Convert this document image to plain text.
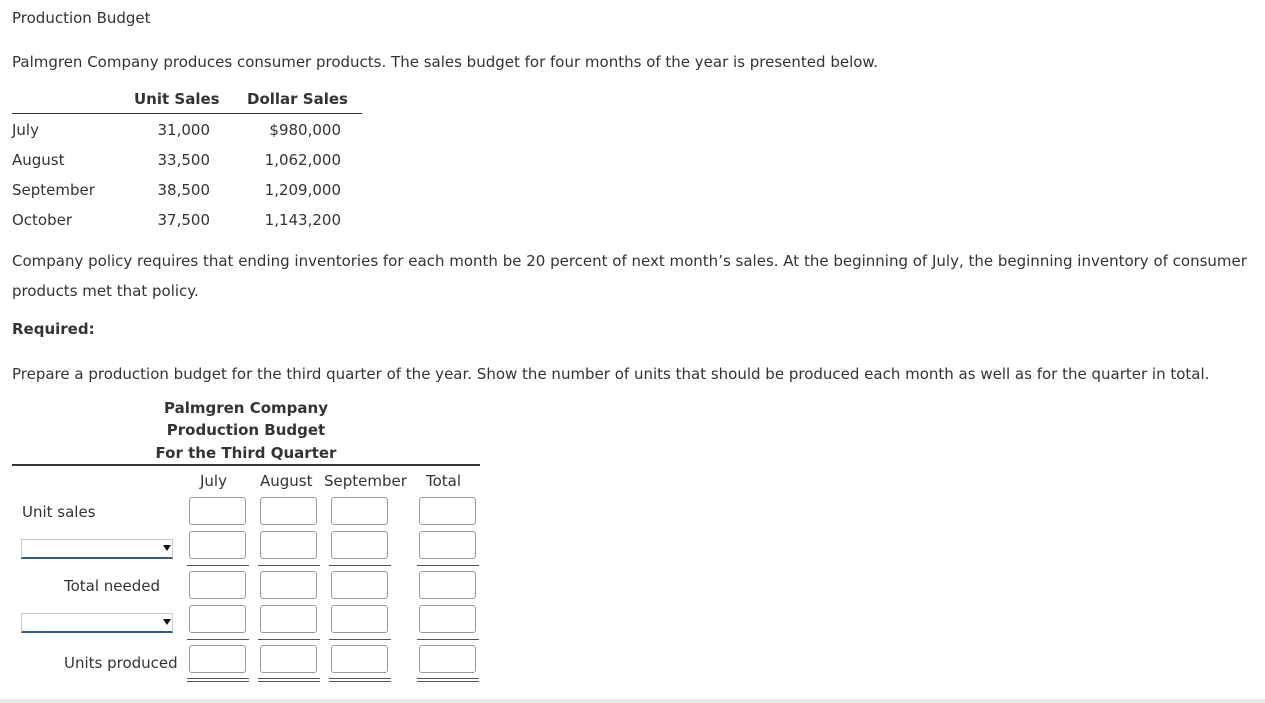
Production Budget
Palmgren Company produces consumer products. The sales budget for four months of the year is presented below.
Unit Sales Dollar Sales
July	31,000	$980,000
August	33,500	1,062,000
September	38,500	1,209,000
October	37,500	1,143,200
Company policy requires that ending inventories for each month be 20 percent of next month’s sales. At the beginning of July, the beginning inventory of consumer products met that policy.
Required:
Prepare a production budget for the third quarter of the year. Show the number of units that should be produced each month as well as for the quarter in total.
Palmgren Company
Production Budget
For the Third Quarter
July August September Total
Unit sales
Total needed
Units produced
